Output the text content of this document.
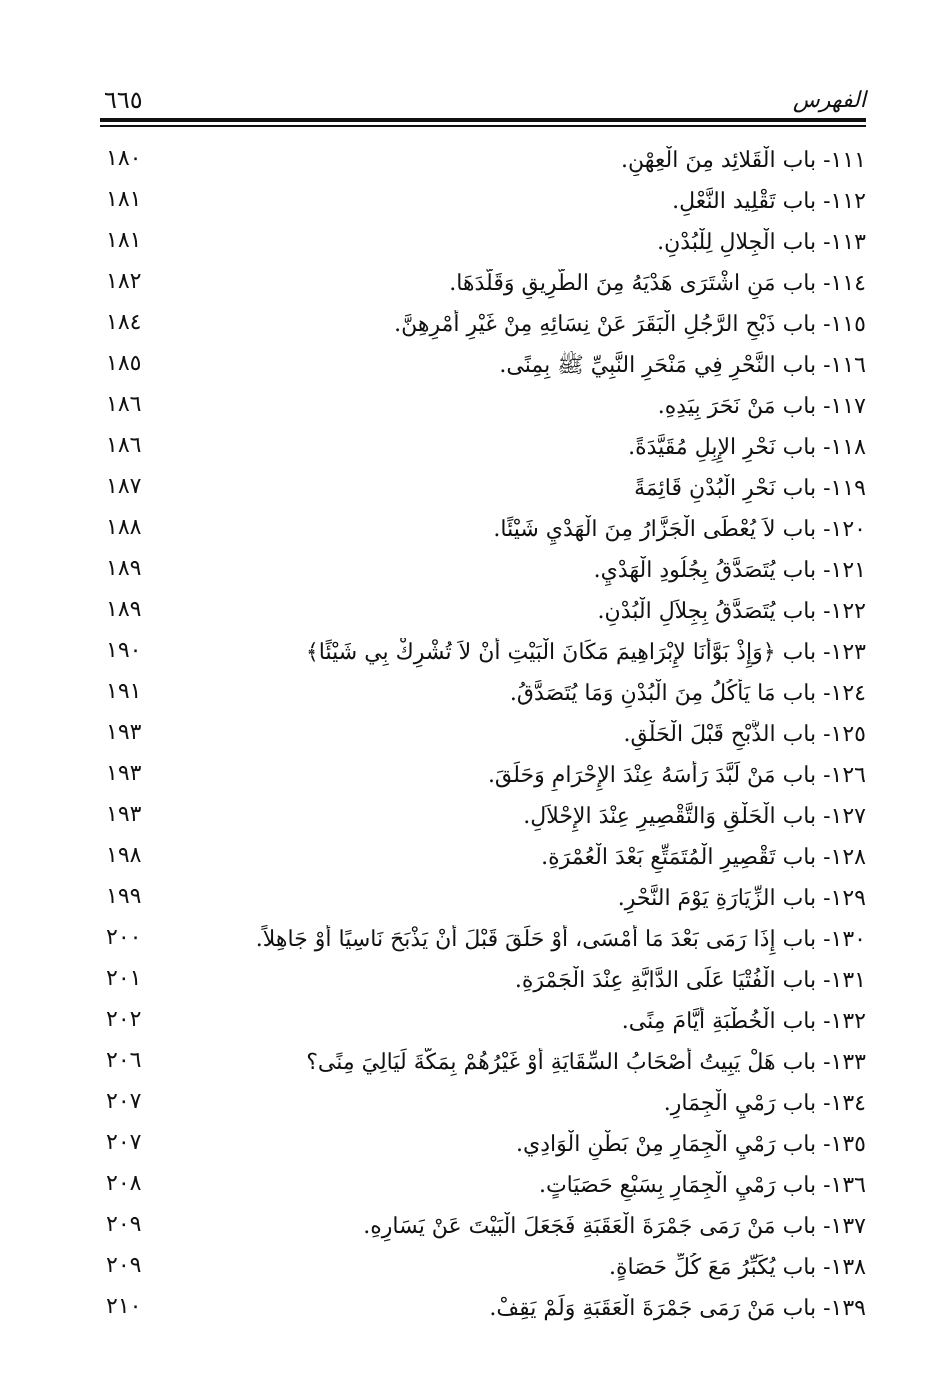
الفهرس
٦٦٥
١١١- باب الْقَلائِد مِنَ الْعِهْنِ.
١٨٠
١١٢- باب تَقْلِيد النَّعْلِ.
١٨١
١١٣- باب الْجِلالِ لِلْبُدْنِ.
١٨١
١١٤- باب مَنِ اشْتَرَى هَدْيَهُ مِنَ الطَّرِيقِ وَقَلَّدَهَا.
١٨٢
١١٥- باب ذَبْحِ الرَّجُلِ الْبَقَرَ عَنْ نِسَائِهِ مِنْ غَيْرِ أَمْرِهِنَّ.
١٨٤
١١٦- باب النَّحْرِ فِي مَنْحَرِ النَّبِيِّ ﷺ بِمِنًى.
١٨٥
١١٧- باب مَنْ نَحَرَ بِيَدِهِ.
١٨٦
١١٨- باب نَحْرِ الإِبِلِ مُقَيَّدَةً.
١٨٦
١١٩- باب نَحْرِ الْبُدْنِ قَائِمَةً
١٨٧
١٢٠- باب لاَ يُعْطَى الْجَزَّارُ مِنَ الْهَدْيِ شَيْئًا.
١٨٨
١٢١- باب يُتَصَدَّقُ بِجُلُودِ الْهَدْيِ.
١٨٩
١٢٢- باب يُتَصَدَّقُ بِجِلاَلِ الْبُدْنِ.
١٨٩
١٢٣- باب ﴿وَإِذْ بَوَّأْنَا لإِبْرَاهِيمَ مَكَانَ الْبَيْتِ أَنْ لاَ تُشْرِكْ بِي شَيْئًا﴾
١٩٠
١٢٤- باب مَا يَأْكُلُ مِنَ الْبُدْنِ وَمَا يُتَصَدَّقُ.
١٩١
١٢٥- باب الذَّبْحِ قَبْلَ الْحَلْقِ.
١٩٣
١٢٦- باب مَنْ لَبَّدَ رَأْسَهُ عِنْدَ الإِحْرَامِ وَحَلَقَ.
١٩٣
١٢٧- باب الْحَلْقِ وَالتَّقْصِيرِ عِنْدَ الإِحْلاَلِ.
١٩٣
١٢٨- باب تَقْصِيرِ الْمُتَمَتِّعِ بَعْدَ الْعُمْرَةِ.
١٩٨
١٢٩- باب الزِّيَارَةِ يَوْمَ النَّحْرِ.
١٩٩
١٣٠- باب إِذَا رَمَى بَعْدَ مَا أَمْسَى، أَوْ حَلَقَ قَبْلَ أَنْ يَذْبَحَ نَاسِيًا أَوْ جَاهِلاً.
٢٠٠
١٣١- باب الْفُتْيَا عَلَى الدَّابَّةِ عِنْدَ الْجَمْرَةِ.
٢٠١
١٣٢- باب الْخُطْبَةِ أَيَّامَ مِنًى.
٢٠٢
١٣٣- باب هَلْ يَبِيتُ أَصْحَابُ السِّقَايَةِ أَوْ غَيْرُهُمْ بِمَكَّةَ لَيَالِيَ مِنًى؟
٢٠٦
١٣٤- باب رَمْيِ الْجِمَارِ.
٢٠٧
١٣٥- باب رَمْيِ الْجِمَارِ مِنْ بَطْنِ الْوَادِي.
٢٠٧
١٣٦- باب رَمْيِ الْجِمَارِ بِسَبْعِ حَصَيَاتٍ.
٢٠٨
١٣٧- باب مَنْ رَمَى جَمْرَةَ الْعَقَبَةِ فَجَعَلَ الْبَيْتَ عَنْ يَسَارِهِ.
٢٠٩
١٣٨- باب يُكَبِّرُ مَعَ كُلِّ حَصَاةٍ.
٢٠٩
١٣٩- باب مَنْ رَمَى جَمْرَةَ الْعَقَبَةِ وَلَمْ يَقِفْ.
٢١٠
